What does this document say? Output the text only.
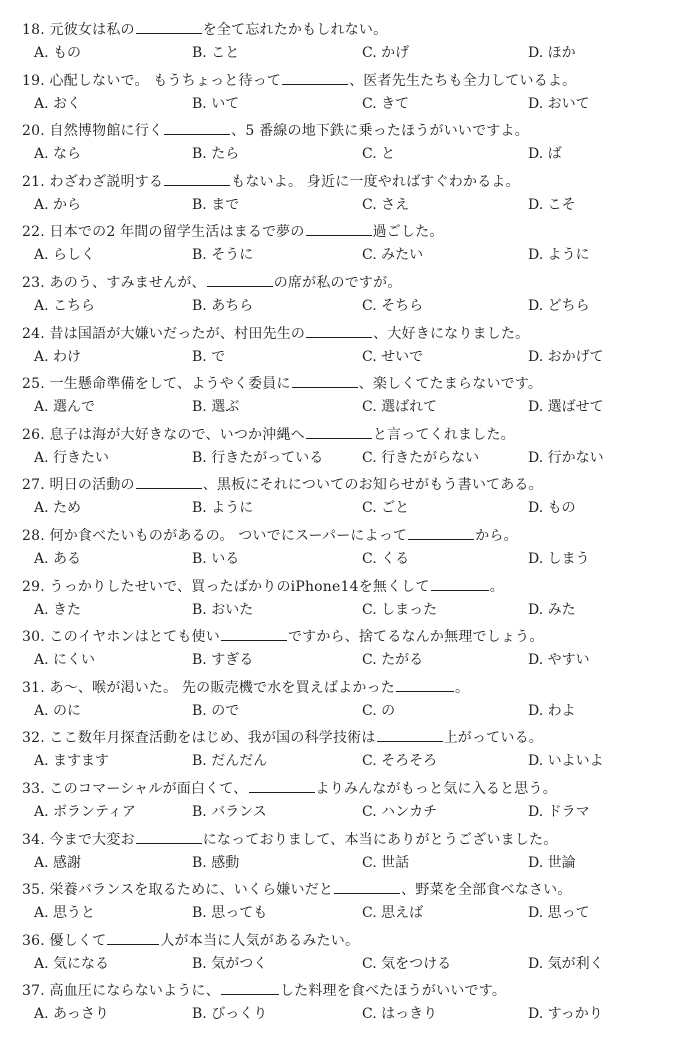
18. 元彼女は私の	を全て忘れたかもしれない。
A. もの	B. こと	C. かげ	D. ほか
19. 心配しないで。 もうちょっと待って	、医者先生たちも全力しているよ。
A. おく	B. いて	C. きて	D. おいて
20. 自然博物館に行く	、5 番線の地下鉄に乗ったほうがいいですよ。
A. なら	B. たら	C. と	D. ば
21. わざわざ説明する	もないよ。 身近に一度やればすぐわかるよ。
A. から	B. まで	C. さえ	D. こそ
22. 日本での2 年間の留学生活はまるで夢の	過ごした。
A. らしく	B. そうに	C. みたい	D. ように
23. あのう、すみませんが、	の席が私のですが。
A. こちら	B. あちら	C. そちら	D. どちら
24. 昔は国語が大嫌いだったが、村田先生の	、大好きになりました。
A. わけ	B. で	C. せいで	D. おかげて
25. 一生懸命準備をして、ようやく委員に	、楽しくてたまらないです。
A. 選んで	B. 選ぶ	C. 選ばれて	D. 選ばせて
26. 息子は海が大好きなので、いつか沖縄へ	と言ってくれました。
A. 行きたい	B. 行きたがっている	C. 行きたがらない	D. 行かない
27. 明日の活動の	、黒板にそれについてのお知らせがもう書いてある。
A. ため	B. ように	C. ごと	D. もの
28. 何か食べたいものがあるの。 ついでにスーパーによって	から。
A. ある	B. いる	C. くる	D. しまう
29. うっかりしたせいで、買ったばかりのiPhone14を無くして	。
A. きた	B. おいた	C. しまった	D. みた
30. このイヤホンはとても使い	ですから、捨てるなんか無理でしょう。
A. にくい	B. すぎる	C. たがる	D. やすい
31. あ～、喉が渇いた。 先の販売機で水を買えばよかった	。
A. のに	B. ので	C. の	D. わよ
32. ここ数年月探査活動をはじめ、我が国の科学技術は	上がっている。
A. ますます	B. だんだん	C. そろそろ	D. いよいよ
33. このコマーシャルが面白くて、	よりみんながもっと気に入ると思う。
A. ボランティア	B. バランス	C. ハンカチ	D. ドラマ
34. 今まで大変お	になっておりまして、本当にありがとうございました。
A. 感謝	B. 感動	C. 世話	D. 世論
35. 栄養バランスを取るために、いくら嫌いだと	、野菜を全部食べなさい。
A. 思うと	B. 思っても	C. 思えば	D. 思って
36. 優しくて	人が本当に人気があるみたい。
A. 気になる	B. 気がつく	C. 気をつける	D. 気が利く
37. 高血圧にならないように、	した料理を食べたほうがいいです。
A. あっさり	B. びっくり	C. はっきり	D. すっかり
